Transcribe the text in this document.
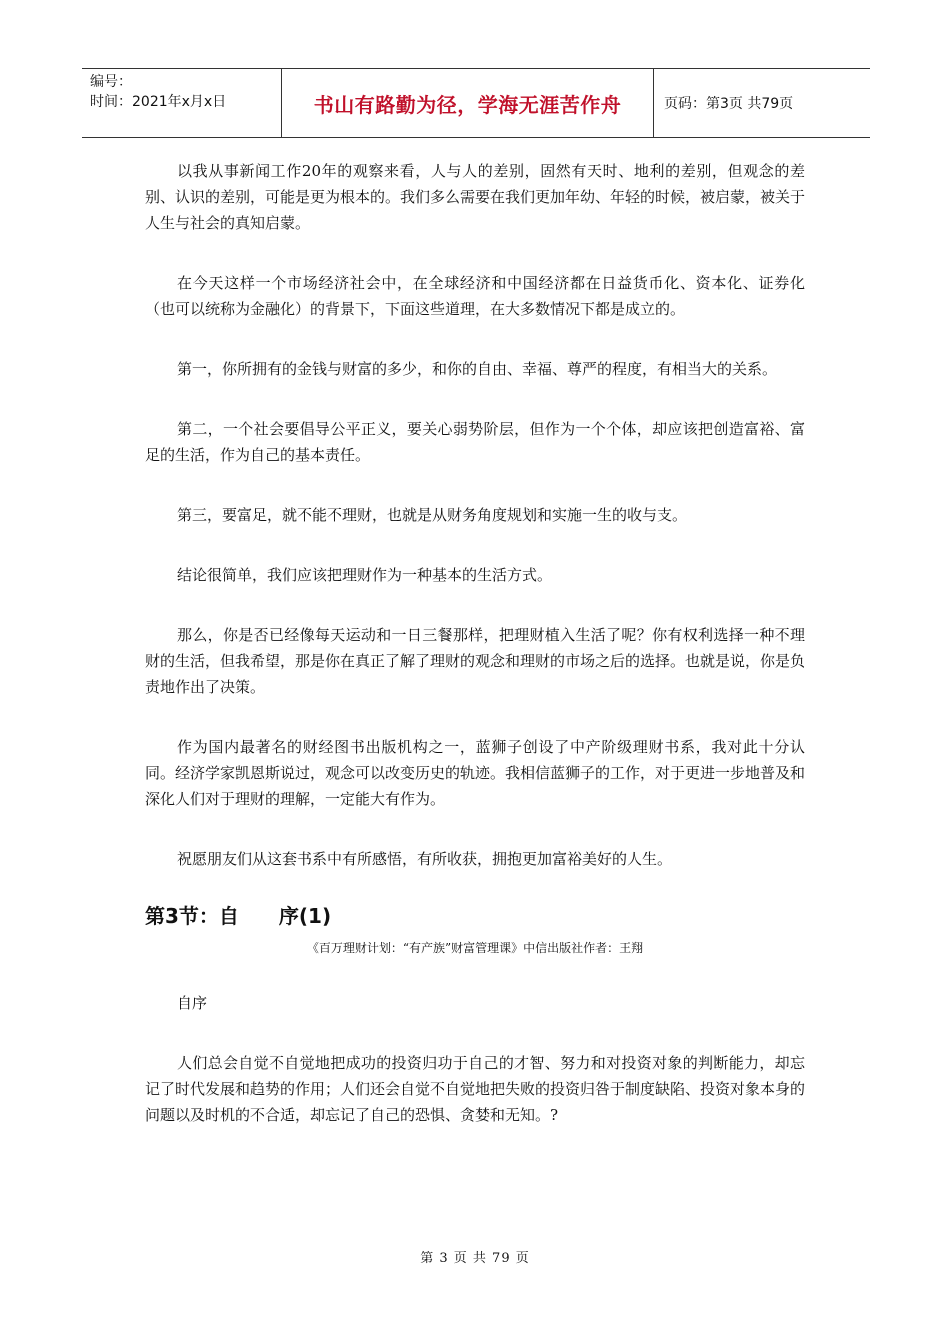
编号：
时间：2021年x月x日	书山有路勤为径，学海无涯苦作舟	页码：第3页 共79页

以我从事新闻工作20年的观察来看，人与人的差别，固然有天时、地利的差别，但观念的差别、认识的差别，可能是更为根本的。我们多么需要在我们更加年幼、年轻的时候，被启蒙，被关于人生与社会的真知启蒙。

在今天这样一个市场经济社会中，在全球经济和中国经济都在日益货币化、资本化、证券化（也可以统称为金融化）的背景下，下面这些道理，在大多数情况下都是成立的。

第一，你所拥有的金钱与财富的多少，和你的自由、幸福、尊严的程度，有相当大的关系。

第二，一个社会要倡导公平正义，要关心弱势阶层，但作为一个个体，却应该把创造富裕、富足的生活，作为自己的基本责任。

第三，要富足，就不能不理财，也就是从财务角度规划和实施一生的收与支。

结论很简单，我们应该把理财作为一种基本的生活方式。

那么，你是否已经像每天运动和一日三餐那样，把理财植入生活了呢？你有权利选择一种不理财的生活，但我希望，那是你在真正了解了理财的观念和理财的市场之后的选择。也就是说，你是负责地作出了决策。

作为国内最著名的财经图书出版机构之一，蓝狮子创设了中产阶级理财书系，我对此十分认同。经济学家凯恩斯说过，观念可以改变历史的轨迹。我相信蓝狮子的工作，对于更进一步地普及和深化人们对于理财的理解，一定能大有作为。

祝愿朋友们从这套书系中有所感悟，有所收获，拥抱更加富裕美好的人生。

第3节：自　　序(1)

《百万理财计划：“有产族”财富管理课》中信出版社作者：王翔

自序

人们总会自觉不自觉地把成功的投资归功于自己的才智、努力和对投资对象的判断能力，却忘记了时代发展和趋势的作用；人们还会自觉不自觉地把失败的投资归咎于制度缺陷、投资对象本身的问题以及时机的不合适，却忘记了自己的恐惧、贪婪和无知。?

第 3 页 共 79 页
